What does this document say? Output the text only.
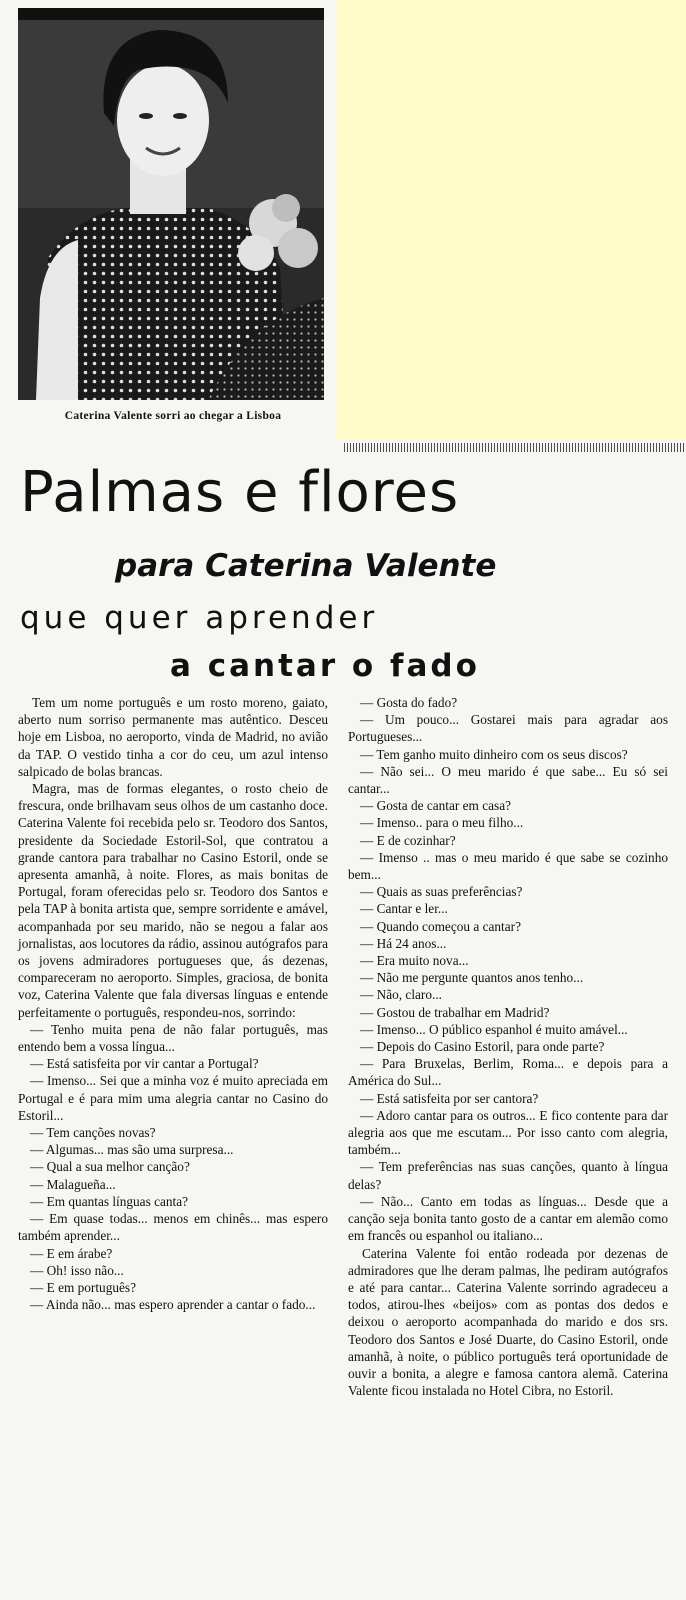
Caterina Valente sorri ao chegar a Lisboa
Palmas e flores
para Caterina Valente
que quer aprender
a cantar o fado

Tem um nome português e um rosto moreno, gaiato, aberto num sorriso permanente mas autêntico. Desceu hoje em Lisboa, no aeroporto, vinda de Madrid, no avião da TAP. O vestido tinha a cor do ceu, um azul intenso salpicado de bolas brancas.

Magra, mas de formas elegantes, o rosto cheio de frescura, onde brilhavam seus olhos de um castanho doce. Caterina Valente foi recebida pelo sr. Teodoro dos Santos, presidente da Sociedade Estoril-Sol, que contratou a grande cantora para trabalhar no Casino Estoril, onde se apresenta amanhã, à noite. Flores, as mais bonitas de Portugal, foram oferecidas pelo sr. Teodoro dos Santos e pela TAP à bonita artista que, sempre sorridente e amável, acompanhada por seu marido, não se negou a falar aos jornalistas, aos locutores da rádio, assinou autógrafos para os jovens admiradores portugueses que, ás dezenas, compareceram no aeroporto. Simples, graciosa, de bonita voz, Caterina Valente que fala diversas línguas e entende perfeitamente o português, respondeu-nos, sorrindo:

— Tenho muita pena de não falar português, mas entendo bem a vossa língua...

— Está satisfeita por vir cantar a Portugal?

— Imenso... Sei que a minha voz é muito apreciada em Portugal e é para mim uma alegria cantar no Casino do Estoril...

— Tem canções novas?

— Algumas... mas são uma surpresa...

— Qual a sua melhor canção?

— Malagueña...

— Em quantas línguas canta?

— Em quase todas... menos em chinês... mas espero também aprender...

— E em árabe?

— Oh! isso não...

— E em português?

— Ainda não... mas espero aprender a cantar o fado...

— Gosta do fado?

— Um pouco... Gostarei mais para agradar aos Portugueses...

— Tem ganho muito dinheiro com os seus discos?

— Não sei... O meu marido é que sabe... Eu só sei cantar...

— Gosta de cantar em casa?

— Imenso.. para o meu filho...

— E de cozinhar?

— Imenso .. mas o meu marido é que sabe se cozinho bem...

— Quais as suas preferências?

— Cantar e ler...

— Quando começou a cantar?

— Há 24 anos...

— Era muito nova...

— Não me pergunte quantos anos tenho...

— Não, claro...

— Gostou de trabalhar em Madrid?

— Imenso... O público espanhol é muito amável...

— Depois do Casino Estoril, para onde parte?

— Para Bruxelas, Berlim, Roma... e depois para a América do Sul...

— Está satisfeita por ser cantora?

— Adoro cantar para os outros... E fico contente para dar alegria aos que me escutam... Por isso canto com alegria, também...

— Tem preferências nas suas canções, quanto à língua delas?

— Não... Canto em todas as línguas... Desde que a canção seja bonita tanto gosto de a cantar em alemão como em francês ou espanhol ou italiano...

Caterina Valente foi então rodeada por dezenas de admiradores que lhe deram palmas, lhe pediram autógrafos e até para cantar... Caterina Valente sorrindo agradeceu a todos, atirou-lhes «beijos» com as pontas dos dedos e deixou o aeroporto acompanhada do marido e dos srs. Teodoro dos Santos e José Duarte, do Casino Estoril, onde amanhã, à noite, o público português terá oportunidade de ouvir a bonita, a alegre e famosa cantora alemã. Caterina Valente ficou instalada no Hotel Cibra, no Estoril.
